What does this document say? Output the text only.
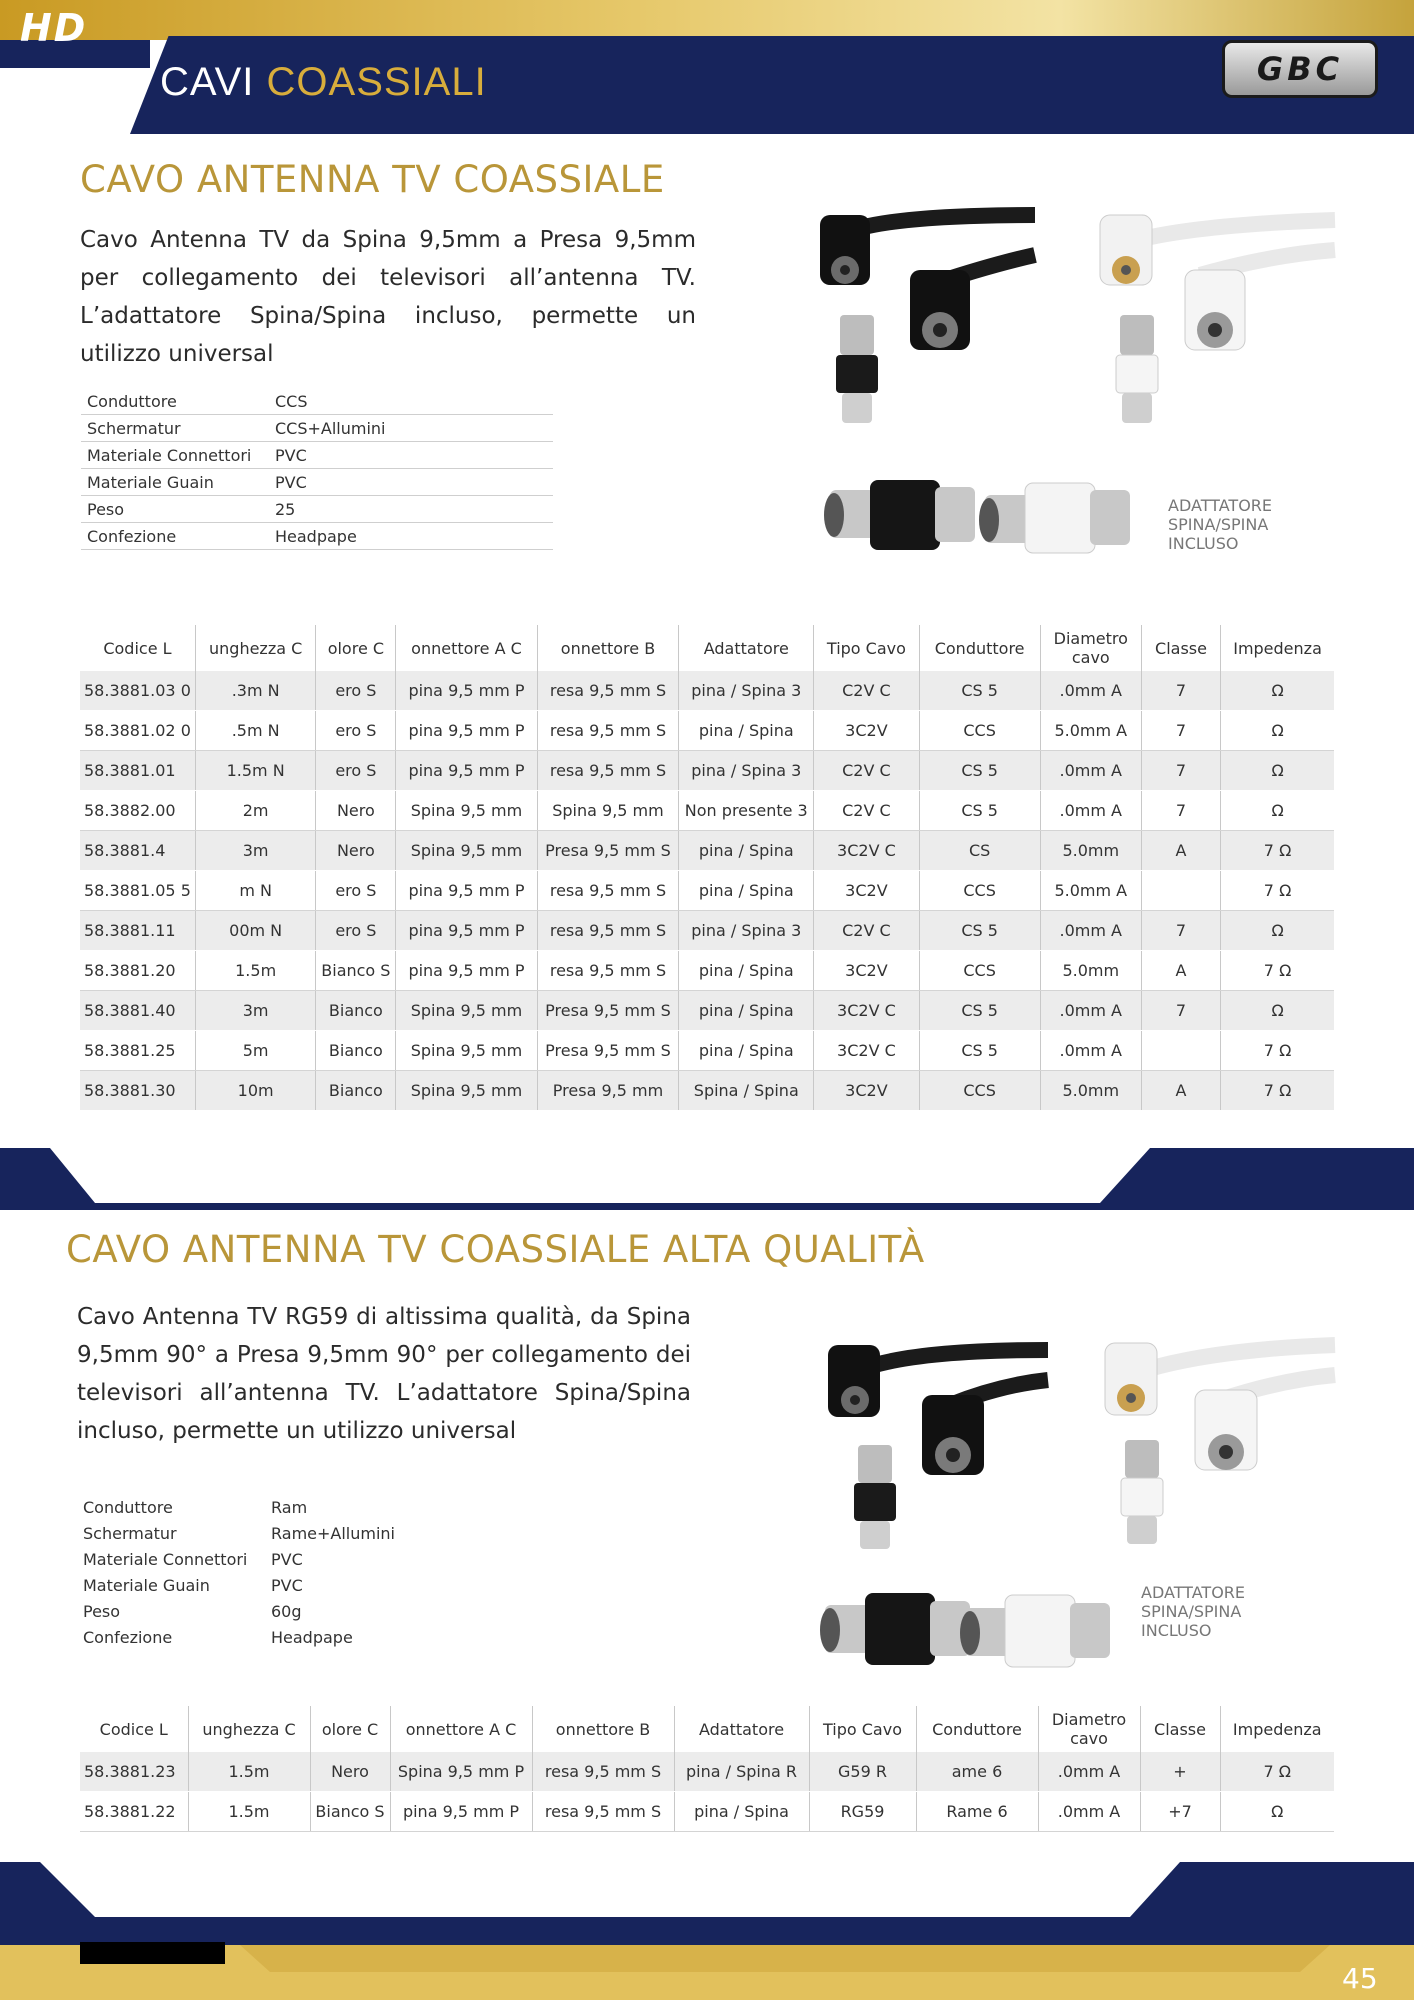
HD
CAVI COASSIALI	GBC
CAVO ANTENNA TV COASSIALE
Cavo Antenna TV da Spina 9,5mm a Presa 9,5mm per collegamento dei televisori all’antenna TV. L’adattatore Spina/Spina incluso, permette un utilizzo universal
Conduttore	CCS
Schermatur	CCS+Allumini
Materiale Connettori	PVC
Materiale Guain	PVC
Peso	25
Confezione	Headpape
ADATTATORE
SPINA/SPINA
INCLUSO
Codice L	unghezza C	olore C	onnettore A C	onnettore B	Adattatore	Tipo Cavo	Conduttore	Diametro cavo	Classe	Impedenza
58.3881.03 0	.3m N	ero S	pina 9,5 mm P	resa 9,5 mm S	pina / Spina 3	C2V C	CS 5	.0mm A	7	Ω
58.3881.02 0	.5m N	ero S	pina 9,5 mm P	resa 9,5 mm S	pina / Spina	3C2V	CCS	5.0mm A	7	Ω
58.3881.01	1.5m N	ero S	pina 9,5 mm P	resa 9,5 mm S	pina / Spina 3	C2V C	CS 5	.0mm A	7	Ω
58.3882.00	2m	Nero	Spina 9,5 mm	Spina 9,5 mm	Non presente 3	C2V C	CS 5	.0mm A	7	Ω
58.3881.4	3m	Nero	Spina 9,5 mm	Presa 9,5 mm S	pina / Spina	3C2V C	CS	5.0mm	A	7 Ω
58.3881.05 5	m N	ero S	pina 9,5 mm P	resa 9,5 mm S	pina / Spina	3C2V	CCS	5.0mm A		7 Ω
58.3881.11	00m N	ero S	pina 9,5 mm P	resa 9,5 mm S	pina / Spina 3	C2V C	CS 5	.0mm A	7	Ω
58.3881.20	1.5m	Bianco S	pina 9,5 mm P	resa 9,5 mm S	pina / Spina	3C2V	CCS	5.0mm	A	7 Ω
58.3881.40	3m	Bianco	Spina 9,5 mm	Presa 9,5 mm S	pina / Spina	3C2V C	CS 5	.0mm A	7	Ω
58.3881.25	5m	Bianco	Spina 9,5 mm	Presa 9,5 mm S	pina / Spina	3C2V C	CS 5	.0mm A		7 Ω
58.3881.30	10m	Bianco	Spina 9,5 mm	Presa 9,5 mm	Spina / Spina	3C2V	CCS	5.0mm	A	7 Ω
CAVO ANTENNA TV COASSIALE ALTA QUALITÀ
Cavo Antenna TV RG59 di altissima qualità, da Spina 9,5mm 90° a Presa 9,5mm 90° per collegamento dei televisori all’antenna TV. L’adattatore Spina/Spina incluso, permette un utilizzo universal
Conduttore	Ram
Schermatur	Rame+Allumini
Materiale Connettori	PVC
Materiale Guain	PVC
Peso	60g
Confezione	Headpape
ADATTATORE
SPINA/SPINA
INCLUSO
Codice L	unghezza C	olore C	onnettore A C	onnettore B	Adattatore	Tipo Cavo	Conduttore	Diametro cavo	Classe	Impedenza
58.3881.23	1.5m	Nero	Spina 9,5 mm P	resa 9,5 mm S	pina / Spina R	G59 R	ame 6	.0mm A	+	7 Ω
58.3881.22	1.5m	Bianco S	pina 9,5 mm P	resa 9,5 mm S	pina / Spina	RG59	Rame 6	.0mm A	+7	Ω
45
